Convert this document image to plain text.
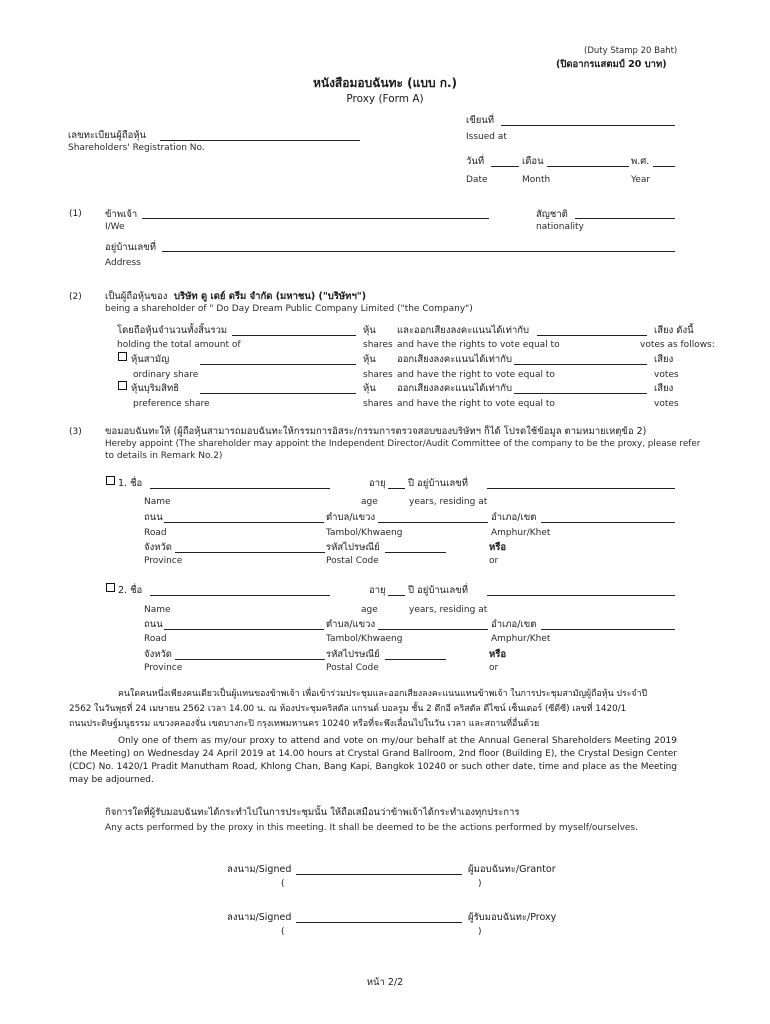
(Duty Stamp 20 Baht)
(ปิดอากรแสตมป์ 20 บาท)
หนังสือมอบฉันทะ (แบบ ก.)
Proxy (Form A)
เขียนที่
Issued at
เลขทะเบียนผู้ถือหุ้น
Shareholders' Registration No.
วันที่	เดือน	พ.ศ.
Date	Month	Year
(1) ข้าพเจ้า
I/We
สัญชาติ
nationality
อยู่บ้านเลขที่
Address
(2) เป็นผู้ถือหุ้นของ บริษัท ดู เดย์ ดรีม จำกัด (มหาชน) ("บริษัทฯ")
being a shareholder of " Do Day Dream Public Company Limited ("the Company")
โดยถือหุ้นจำนวนทั้งสิ้นรวม	หุ้น และออกเสียงลงคะแนนได้เท่ากับ	เสียง ดังนี้
holding the total amount of	shares and have the rights to vote equal to	votes as follows:
หุ้นสามัญ	หุ้น ออกเสียงลงคะแนนได้เท่ากับ	เสียง
ordinary share	shares and have the right to vote equal to	votes
หุ้นบุริมสิทธิ	หุ้น ออกเสียงลงคะแนนได้เท่ากับ	เสียง
preference share	shares and have the right to vote equal to	votes
(3) ขอมอบฉันทะให้ (ผู้ถือหุ้นสามารถมอบฉันทะให้กรรมการอิสระ/กรรมการตรวจสอบของบริษัทฯ ก็ได้ โปรดใช้ข้อมูล ตามหมายเหตุข้อ 2)
Hereby appoint (The shareholder may appoint the Independent Director/Audit Committee of the company to be the proxy, please refer
to details in Remark No.2)
1. ชื่อ	อายุ ปี อยู่บ้านเลขที่
Name	age	years, residing at
ถนน	ตำบล/แขวง	อำเภอ/เขต
Road	Tambol/Khwaeng	Amphur/Khet
จังหวัด	รหัสไปรษณีย์	หรือ
Province	Postal Code	or
2. ชื่อ	อายุ ปี อยู่บ้านเลขที่
Name	age	years, residing at
ถนน	ตำบล/แขวง	อำเภอ/เขต
Road	Tambol/Khwaeng	Amphur/Khet
จังหวัด	รหัสไปรษณีย์	หรือ
Province	Postal Code	or
คนใดคนหนึ่งเพียงคนเดียวเป็นผู้แทนของข้าพเจ้า เพื่อเข้าร่วมประชุมและออกเสียงลงคะแนนแทนข้าพเจ้า ในการประชุมสามัญผู้ถือหุ้น ประจำปี
2562 ในวันพุธที่ 24 เมษายน 2562 เวลา 14.00 น. ณ ห้องประชุมคริสตัล แกรนด์ บอลรูม ชั้น 2 ตึกอี คริสตัล ดีไซน์ เซ็นเตอร์ (ซีดีซี) เลขที่ 1420/1
ถนนประดิษฐ์มนูธรรม แขวงคลองจั่น เขตบางกะปิ กรุงเทพมหานคร 10240 หรือที่จะพึงเลื่อนไปในวัน เวลา และสถานที่อื่นด้วย
Only one of them as my/our proxy to attend and vote on my/our behalf at the Annual General Shareholders Meeting 2019 (the Meeting) on Wednesday 24 April 2019 at 14.00 hours at Crystal Grand Ballroom, 2nd floor (Building E), the Crystal Design Center (CDC) No. 1420/1 Pradit Manutham Road, Khlong Chan, Bang Kapi, Bangkok 10240 or such other date, time and place as the Meeting may be adjourned.
กิจการใดที่ผู้รับมอบฉันทะได้กระทำไปในการประชุมนั้น ให้ถือเสมือนว่าข้าพเจ้าได้กระทำเองทุกประการ
Any acts performed by the proxy in this meeting. It shall be deemed to be the actions performed by myself/ourselves.
ลงนาม/Signed	ผู้มอบฉันทะ/Grantor
(	)
ลงนาม/Signed	ผู้รับมอบฉันทะ/Proxy
(	)
หน้า 2/2
